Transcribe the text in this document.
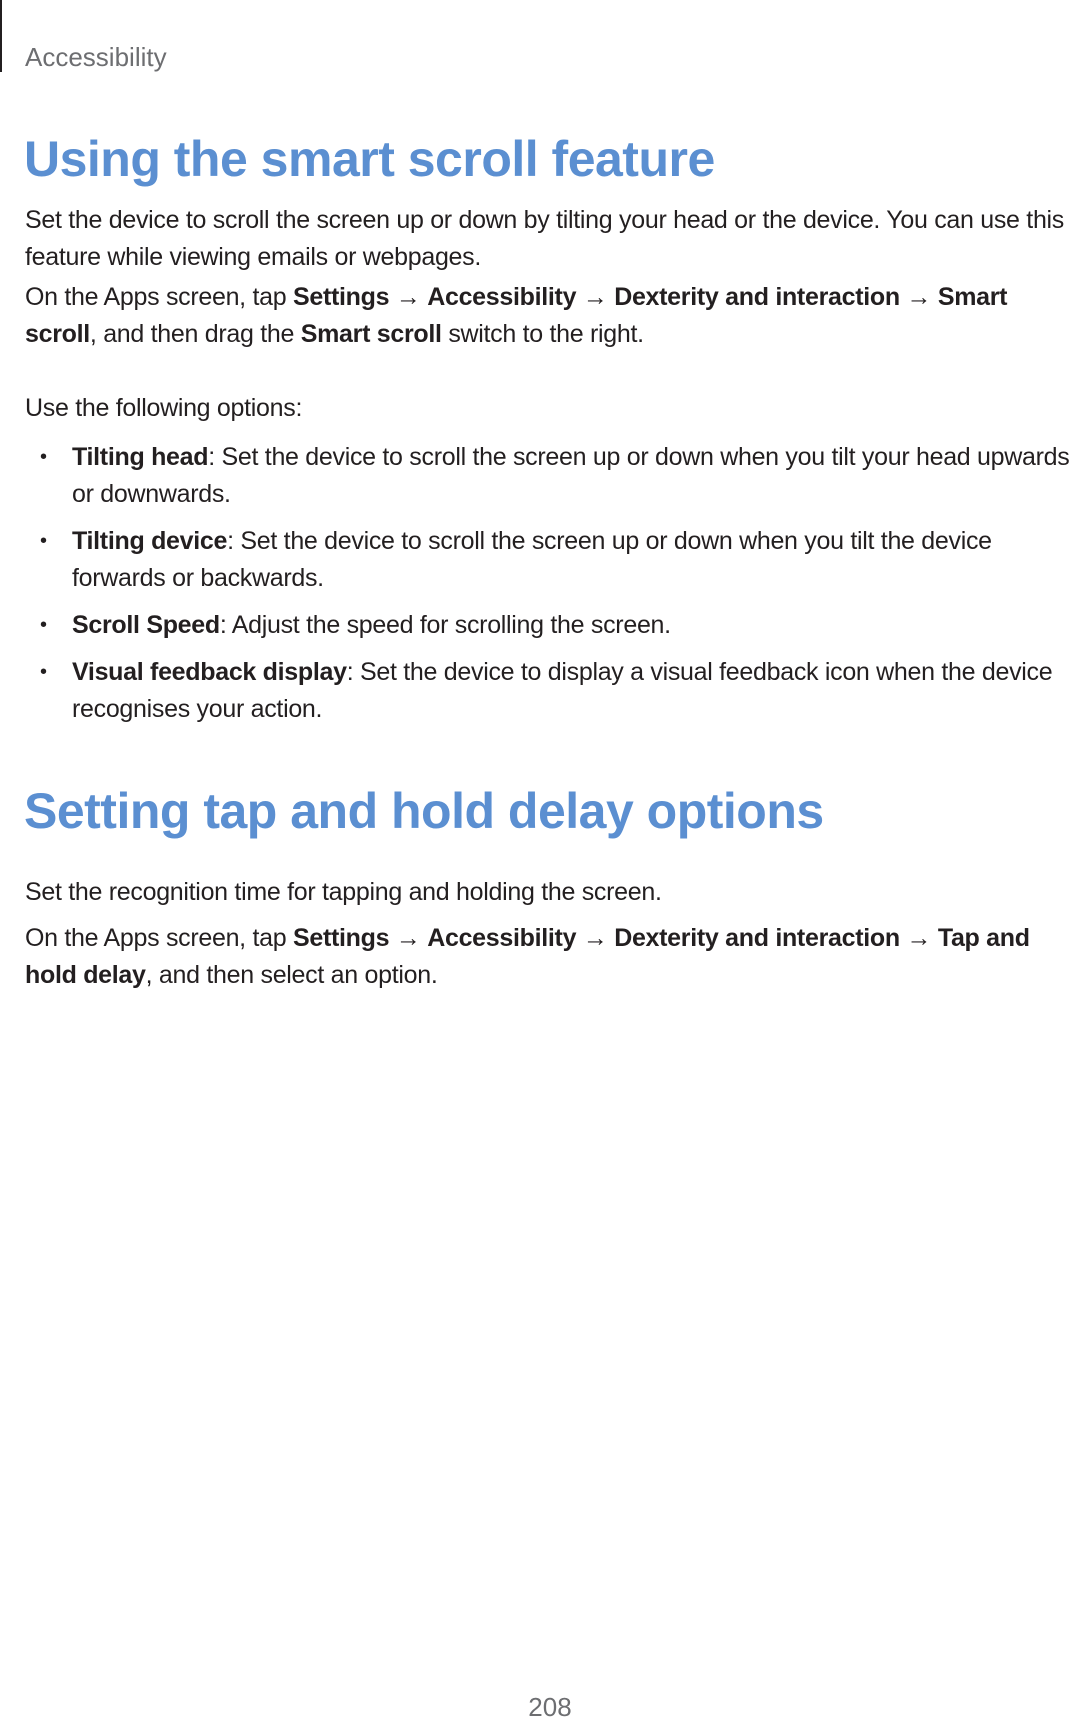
Accessibility
Using the smart scroll feature

Set the device to scroll the screen up or down by tilting your head or the device. You can use this feature while viewing emails or webpages.

On the Apps screen, tap Settings → Accessibility → Dexterity and interaction → Smart scroll, and then drag the Smart scroll switch to the right.

Use the following options:

• Tilting head: Set the device to scroll the screen up or down when you tilt your head upwards or downwards.
• Tilting device: Set the device to scroll the screen up or down when you tilt the device forwards or backwards.
• Scroll Speed: Adjust the speed for scrolling the screen.
• Visual feedback display: Set the device to display a visual feedback icon when the device recognises your action.
Setting tap and hold delay options

Set the recognition time for tapping and holding the screen.

On the Apps screen, tap Settings → Accessibility → Dexterity and interaction → Tap and hold delay, and then select an option.

208
